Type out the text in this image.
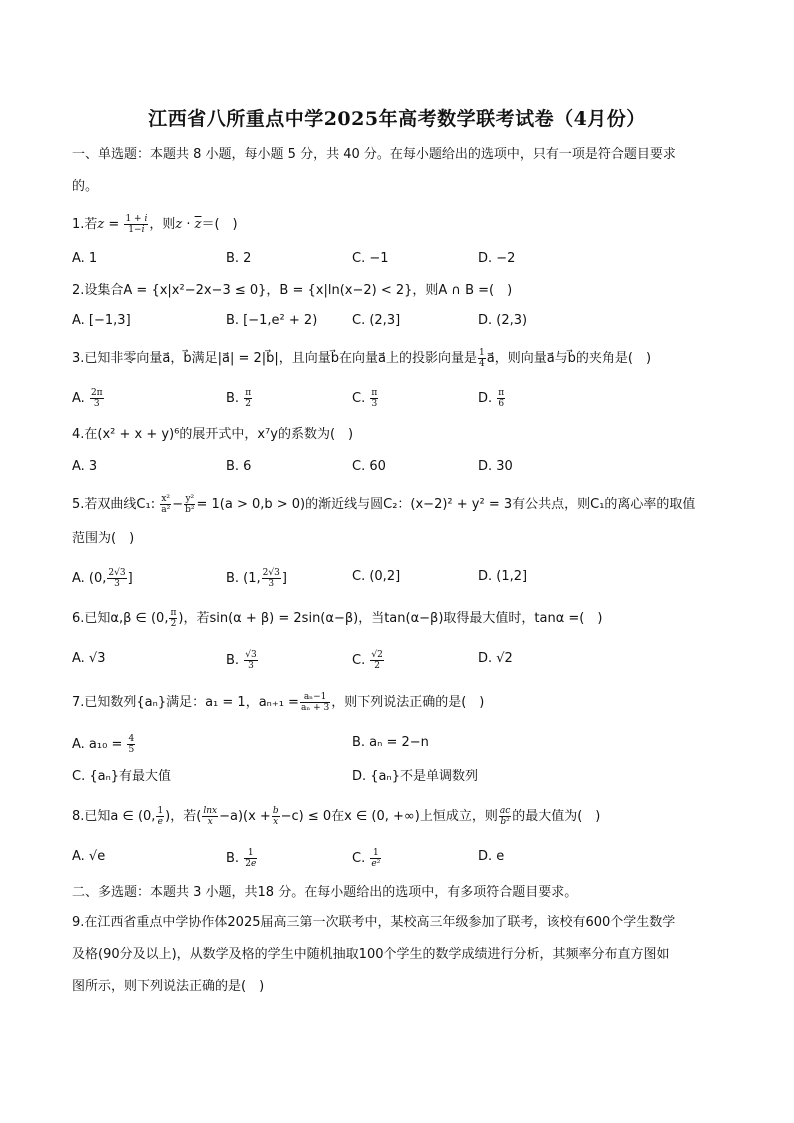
江西省八所重点中学2025年高考数学联考试卷（4月份）
一、单选题：本题共 8 小题，每小题 5 分，共 40 分。在每小题给出的选项中，只有一项是符合题目要求
的。
1.若$z = \frac{1 + i}{1-i}$ ，则$z \cdot \overline{z}=$(　)
A. 1	B. 2	C. −1	D. −2
2.设集合A = {x|x²−2x−3 ≤ 0}，B = {x|ln(x−2) < 2}，则A ∩ B =(　)
A. [−1,3]	B. [−1,e² + 2)	C. (2,3]	D. (2,3)
3.已知非零向量a⃗，b⃗满足|a⃗| = 2|b⃗|，且向量b⃗在向量a⃗上的投影向量是 $\frac{1}{4}$ a⃗，则向量a⃗与b⃗的夹角是(　)
A. $\frac{2\pi}{3}$	B. $\frac{\pi}{2}$	C. $\frac{\pi}{3}$	D. $\frac{\pi}{6}$
4.在(x² + x + y)⁶的展开式中，x⁷y的系数为(　)
A. 3	B. 6	C. 60	D. 30
5.若双曲线C₁: $\frac{\text{x²}}{\text{a²}} - \frac{\text{y²}}{\text{b²}} = 1(a > 0,b > 0)$的渐近线与圆C₂：(x−2)² + y² = 3有公共点，则C₁的离心率的取值
范围为(　)
A. (0, $\frac{2√3}{3}$ ]	B. (1, $\frac{2√3}{3}$ ]	C. (0,2]	D. (1,2]
6.已知α,β ∈ (0, $\frac{\pi}{2}$ )，若sin(α + β) = 2sin(α−β)，当tan(α−β)取得最大值时，tanα =(　)
A. √3	B. $\frac{√3}{3}$	C. $\frac{√2}{2}$	D. √2
7.已知数列{aₙ}满足：a₁ = 1，$a_{n+1} = \frac{\text{aₙ−1}}{\text{aₙ + 3}}$ ，则下列说法正确的是(　)
A. $a_{10} = \frac{4}{5}$	B. aₙ = 2−n
C. {aₙ}有最大值	D. {aₙ}不是单调数列
8.已知a ∈ (0, $\frac{1}{e}$ )，若( $\frac{\ln x}{x} -a)(x + \frac{b}{x} -c) \le 0$在x ∈ (0, +∞)上恒成立，则 $\frac{ac}{\text{b²}}$ 的最大值为(　)
A. √e	B. $\frac{1}{2e}$	C. $\frac{1}{\text{e²}}$	D. e
二、多选题：本题共 3 小题，共18 分。在每小题给出的选项中，有多项符合题目要求。
9.在江西省重点中学协作体2025届高三第一次联考中，某校高三年级参加了联考，该校有600个学生数学
及格(90分及以上)，从数学及格的学生中随机抽取100个学生的数学成绩进行分析，其频率分布直方图如
图所示，则下列说法正确的是(　)
